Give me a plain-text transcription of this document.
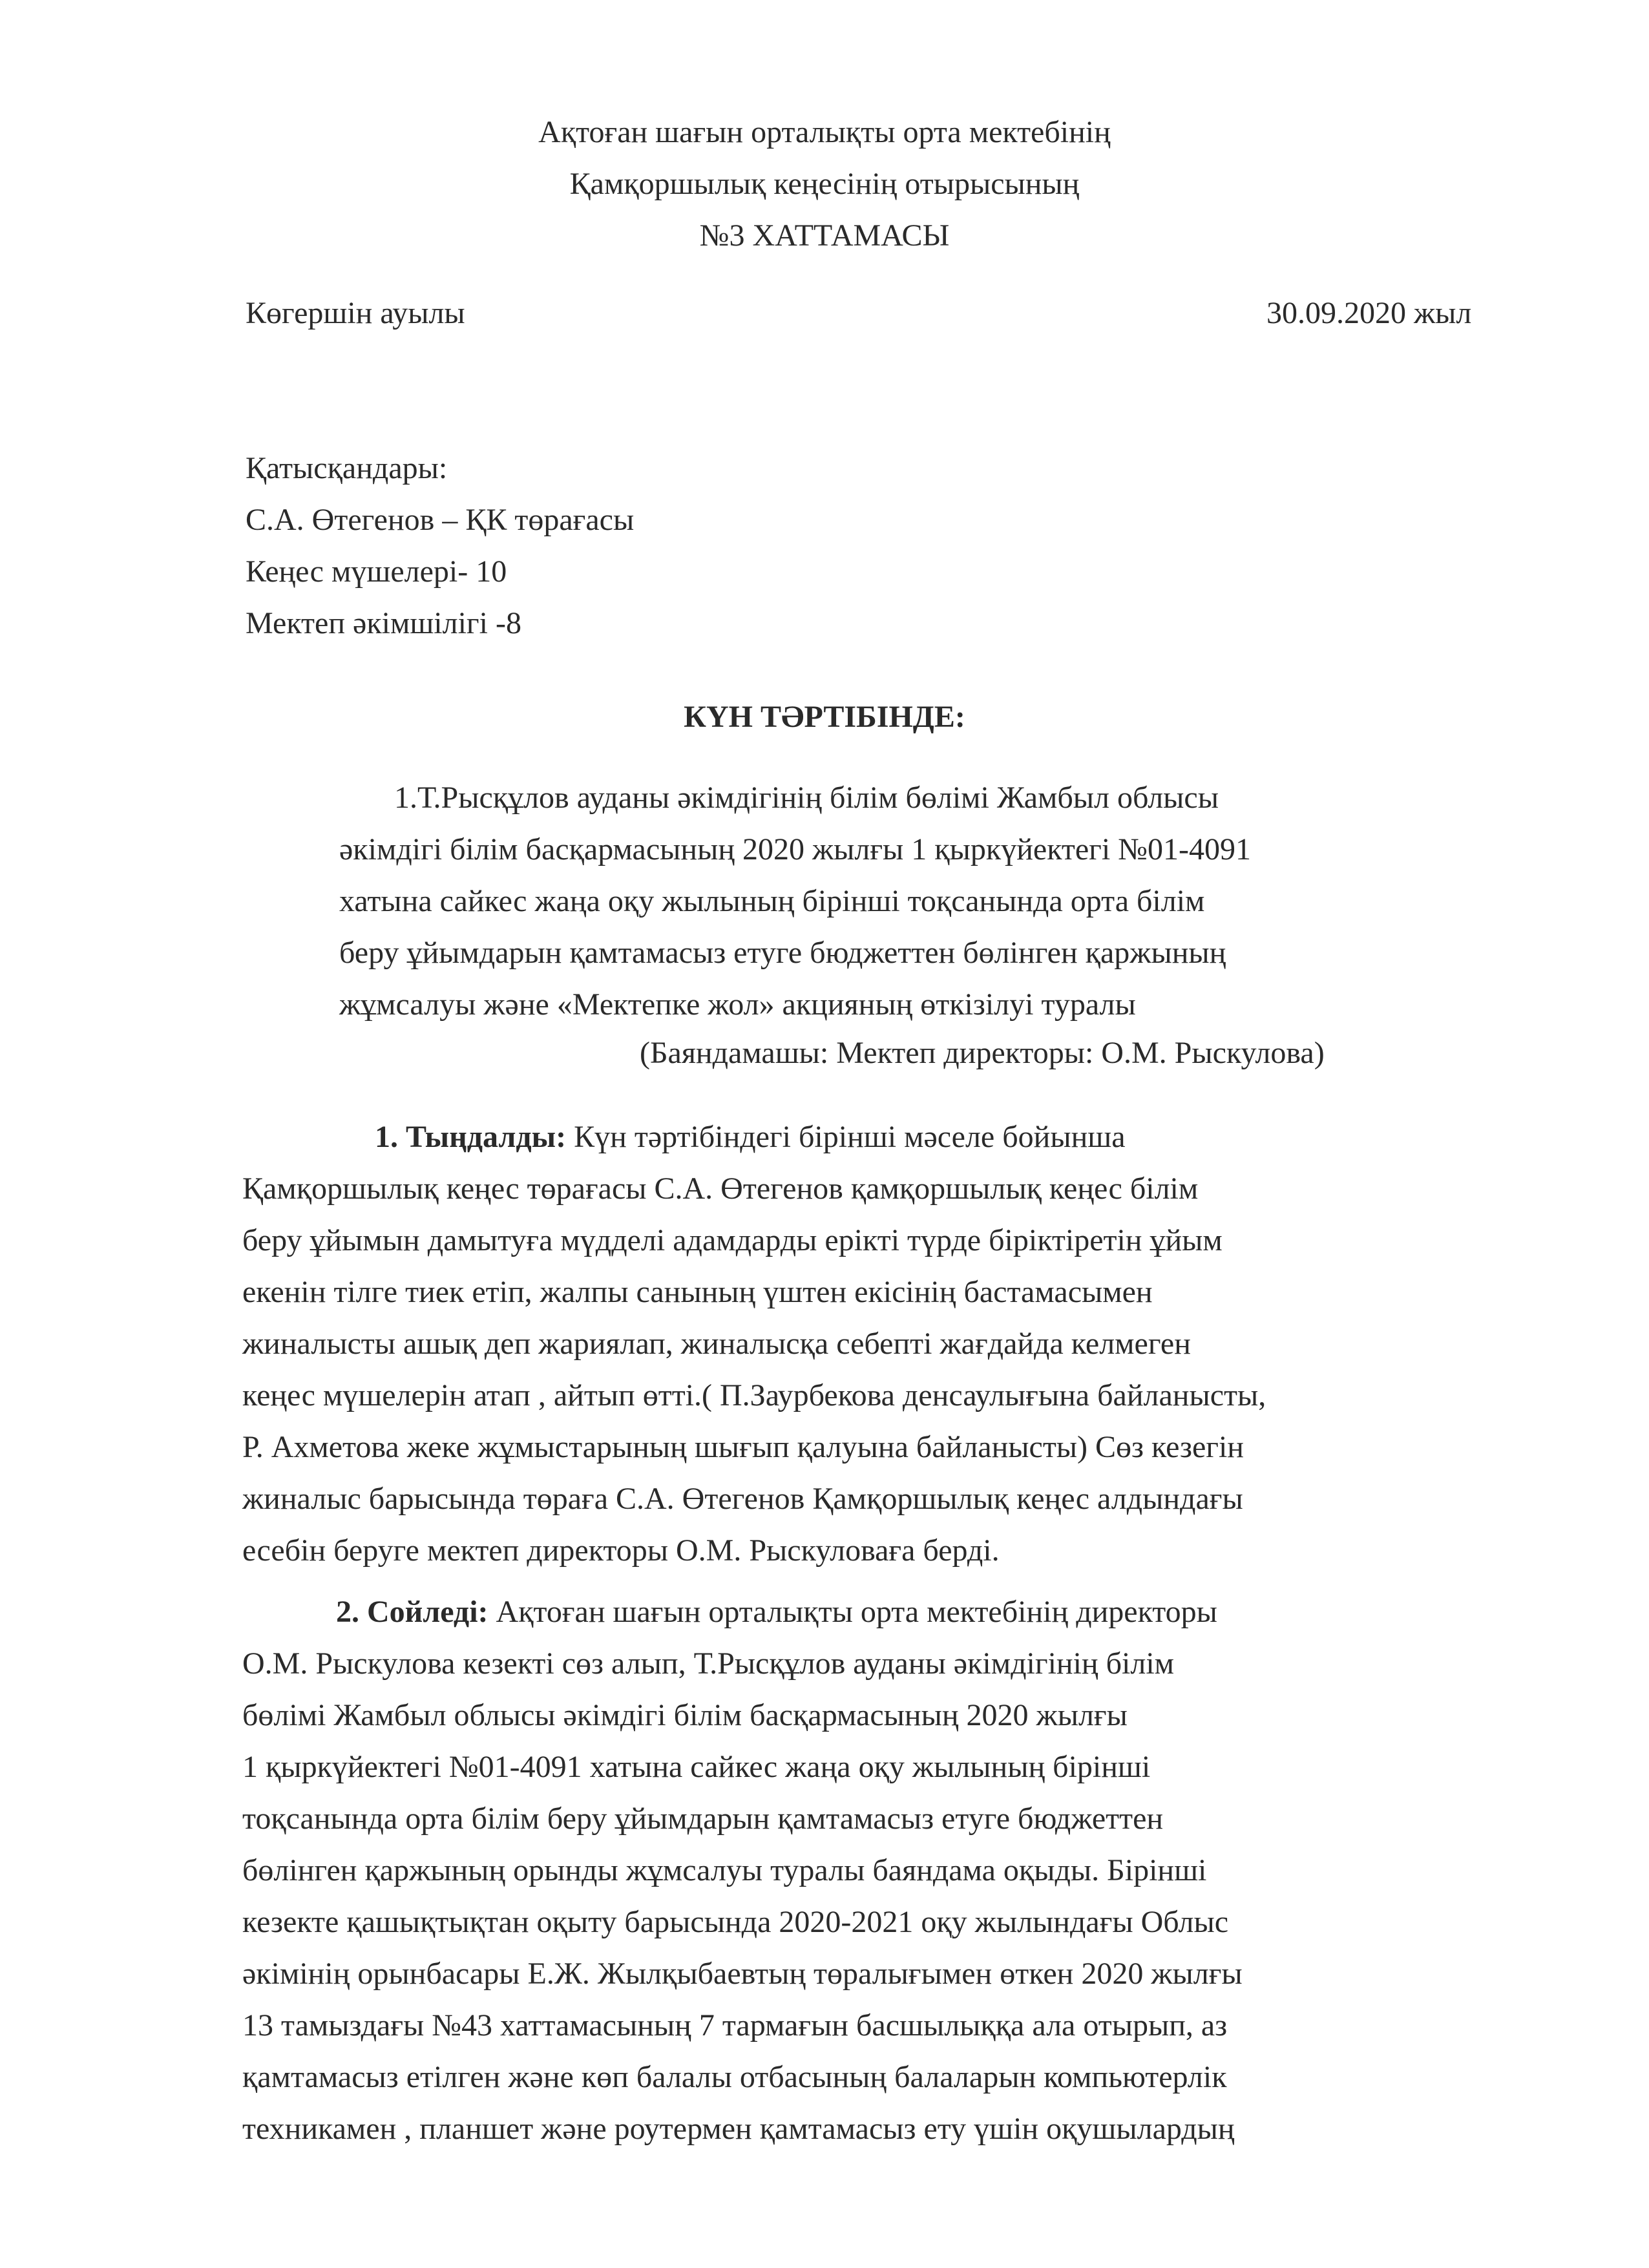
Ақтоған шағын орталықты орта мектебінің
Қамқоршылық кеңесінің отырысының
№3 ХАТТАМАСЫ
Көгершін ауылы	30.09.2020 жыл
Қатысқандары:
С.А. Өтегенов – ҚК төрағасы
Кеңес мүшелері- 10
Мектеп әкімшілігі -8
КҮН ТӘРТІБІНДЕ:
1.Т.Рысқұлов ауданы әкімдігінің білім бөлімі Жамбыл облысы
әкімдігі білім басқармасының 2020 жылғы 1 қыркүйектегі №01-4091
хатына сайкес жаңа оқу жылының бірінші тоқсанында орта білім
беру ұйымдарын қамтамасыз етуге бюджеттен бөлінген қаржының
жұмсалуы және «Мектепке жол» акцияның өткізілуі туралы
(Баяндамашы: Мектеп директоры: О.М. Рыскулова)
1. Тыңдалды: Күн тәртібіндегі бірінші мәселе бойынша
Қамқоршылық кеңес төрағасы С.А. Өтегенов қамқоршылық кеңес білім
беру ұйымын дамытуға мүдделі адамдарды ерікті түрде біріктіретін ұйым
екенін тілге тиек етіп, жалпы санының үштен екісінің бастамасымен
жиналысты ашық деп жариялап, жиналысқа себепті жағдайда келмеген
кеңес мүшелерін атап , айтып өтті.( П.Заурбекова денсаулығына байланысты,
Р. Ахметова жеке жұмыстарының шығып қалуына байланысты) Сөз кезегін
жиналыс барысында төраға С.А. Өтегенов Қамқоршылық кеңес алдындағы
есебін беруге мектеп директоры О.М. Рыскуловаға берді.
2. Сойледі: Ақтоған шағын орталықты орта мектебінің директоры
О.М. Рыскулова кезекті сөз алып, Т.Рысқұлов ауданы әкімдігінің білім
бөлімі Жамбыл облысы әкімдігі білім басқармасының 2020 жылғы
1 қыркүйектегі №01-4091 хатына сайкес жаңа оқу жылының бірінші
тоқсанында орта білім беру ұйымдарын қамтамасыз етуге бюджеттен
бөлінген қаржының орынды жұмсалуы туралы баяндама оқыды. Бірінші
кезекте қашықтықтан оқыту барысында 2020-2021 оқу жылындағы Облыс
әкімінің орынбасары Е.Ж. Жылқыбаевтың төралығымен өткен 2020 жылғы
13 тамыздағы №43 хаттамасының 7 тармағын басшылыққа ала отырып, аз
қамтамасыз етілген және көп балалы отбасының балаларын компьютерлік
техникамен , планшет және роутермен қамтамасыз ету үшін оқушылардың
